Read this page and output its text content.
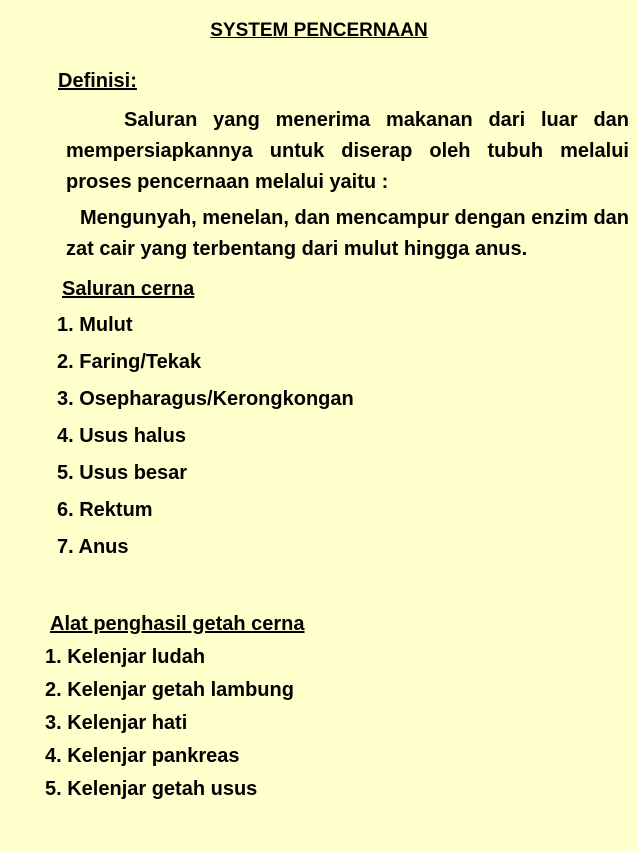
SYSTEM PENCERNAAN
Definisi:
Saluran yang menerima makanan dari luar dan mempersiapkannya untuk diserap oleh tubuh melalui proses pencernaan melalui yaitu :
Mengunyah, menelan, dan mencampur dengan enzim dan zat cair yang terbentang dari mulut hingga anus.
Saluran cerna
1. Mulut
2. Faring/Tekak
3. Osepharagus/Kerongkongan
4. Usus halus
5. Usus besar
6. Rektum
7. Anus
Alat penghasil getah cerna
1. Kelenjar ludah
2. Kelenjar getah lambung
3. Kelenjar hati
4. Kelenjar pankreas
5. Kelenjar getah usus
